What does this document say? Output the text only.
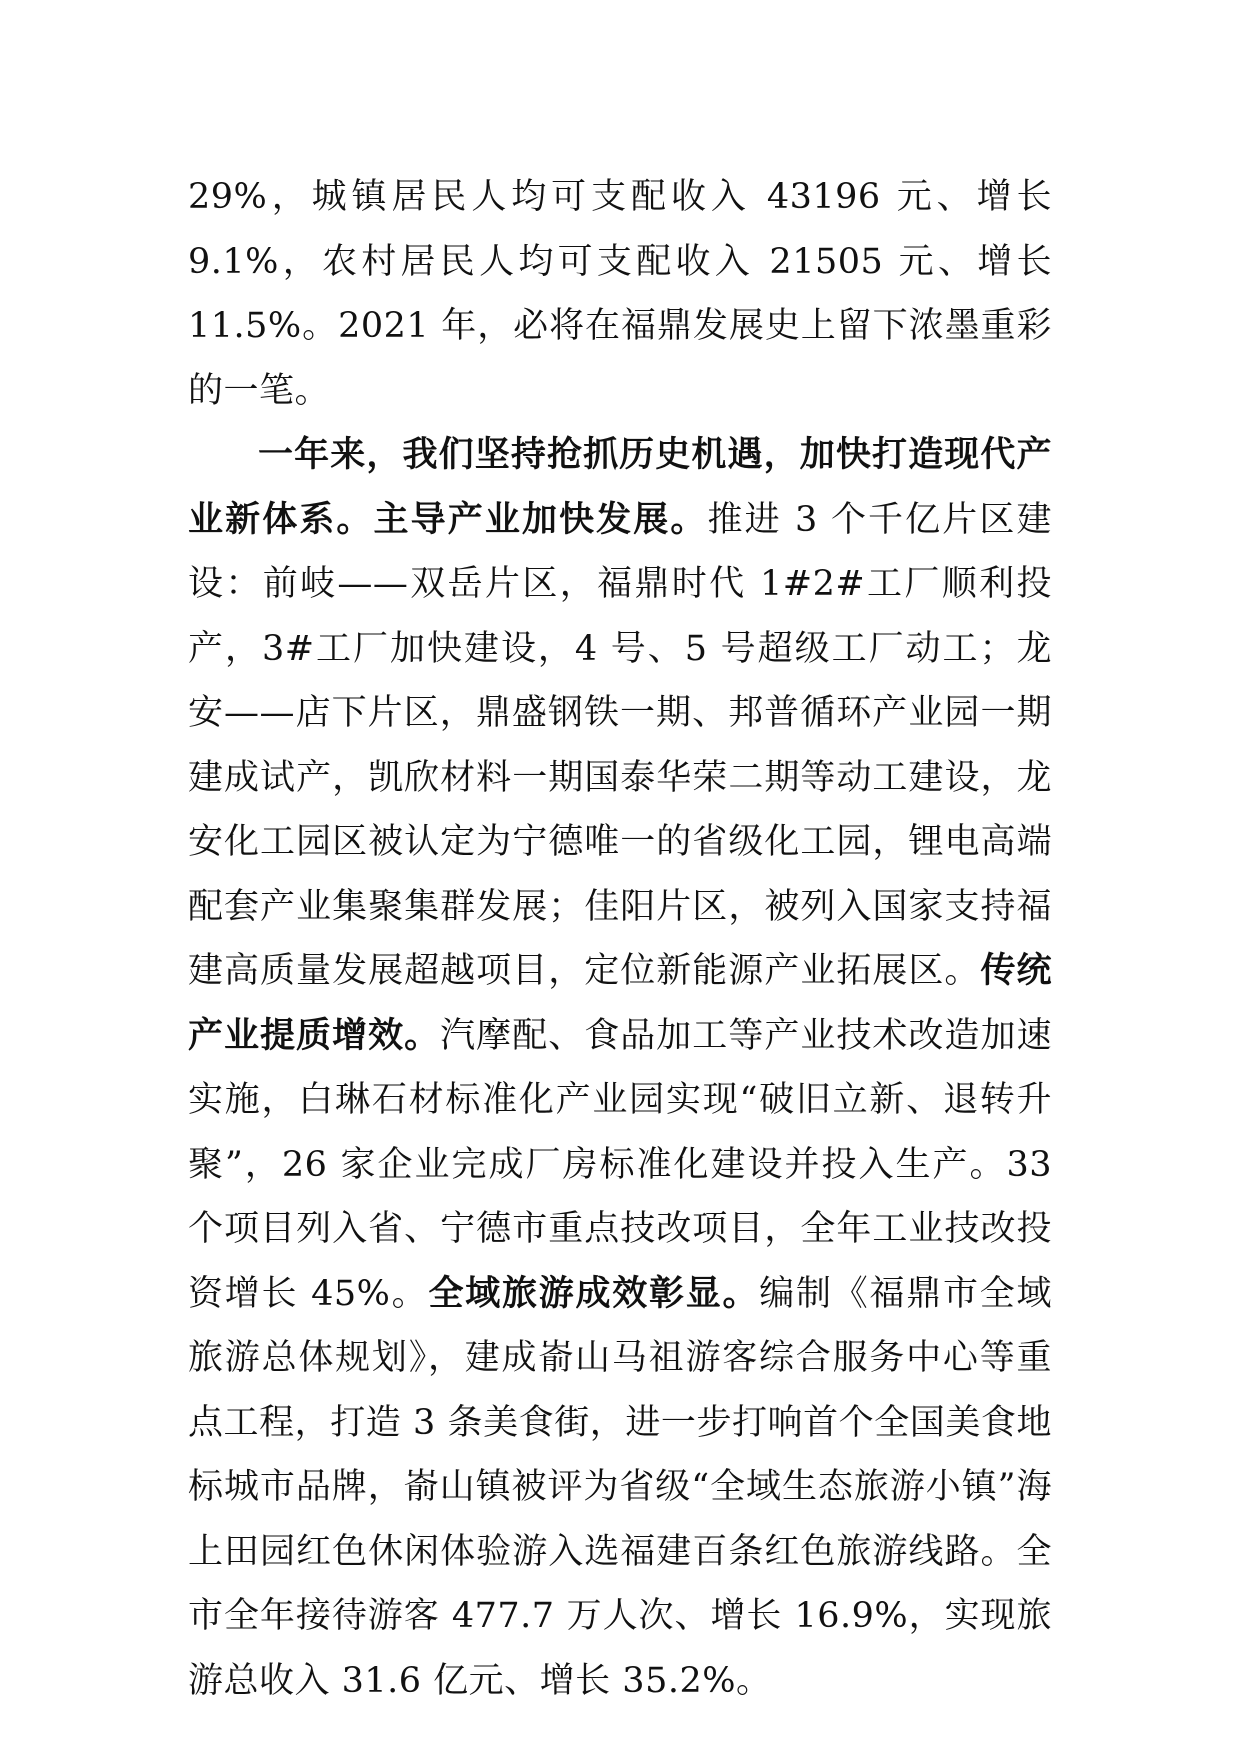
29%，城镇居民人均可支配收入 43196 元、增长 9.1%，农村居民人均可支配收入 21505 元、增长 11.5%。2021 年，必将在福鼎发展史上留下浓墨重彩的一笔。

一年来，我们坚持抢抓历史机遇，加快打造现代产业新体系。主导产业加快发展。推进 3 个千亿片区建设：前岐——双岳片区，福鼎时代 1#2#工厂顺利投产，3#工厂加快建设，4 号、5 号超级工厂动工；龙安——店下片区，鼎盛钢铁一期、邦普循环产业园一期建成试产，凯欣材料一期国泰华荣二期等动工建设，龙安化工园区被认定为宁德唯一的省级化工园，锂电高端配套产业集聚集群发展；佳阳片区，被列入国家支持福建高质量发展超越项目，定位新能源产业拓展区。传统产业提质增效。汽摩配、食品加工等产业技术改造加速实施，白琳石材标准化产业园实现“破旧立新、退转升聚”，26 家企业完成厂房标准化建设并投入生产。33 个项目列入省、宁德市重点技改项目，全年工业技改投资增长 45%。全域旅游成效彰显。编制《福鼎市全域旅游总体规划》，建成嵛山马祖游客综合服务中心等重点工程，打造 3 条美食街，进一步打响首个全国美食地标城市品牌，嵛山镇被评为省级“全域生态旅游小镇”海上田园红色休闲体验游入选福建百条红色旅游线路。全市全年接待游客 477.7 万人次、增长 16.9%，实现旅游总收入 31.6 亿元、增长 35.2%。
